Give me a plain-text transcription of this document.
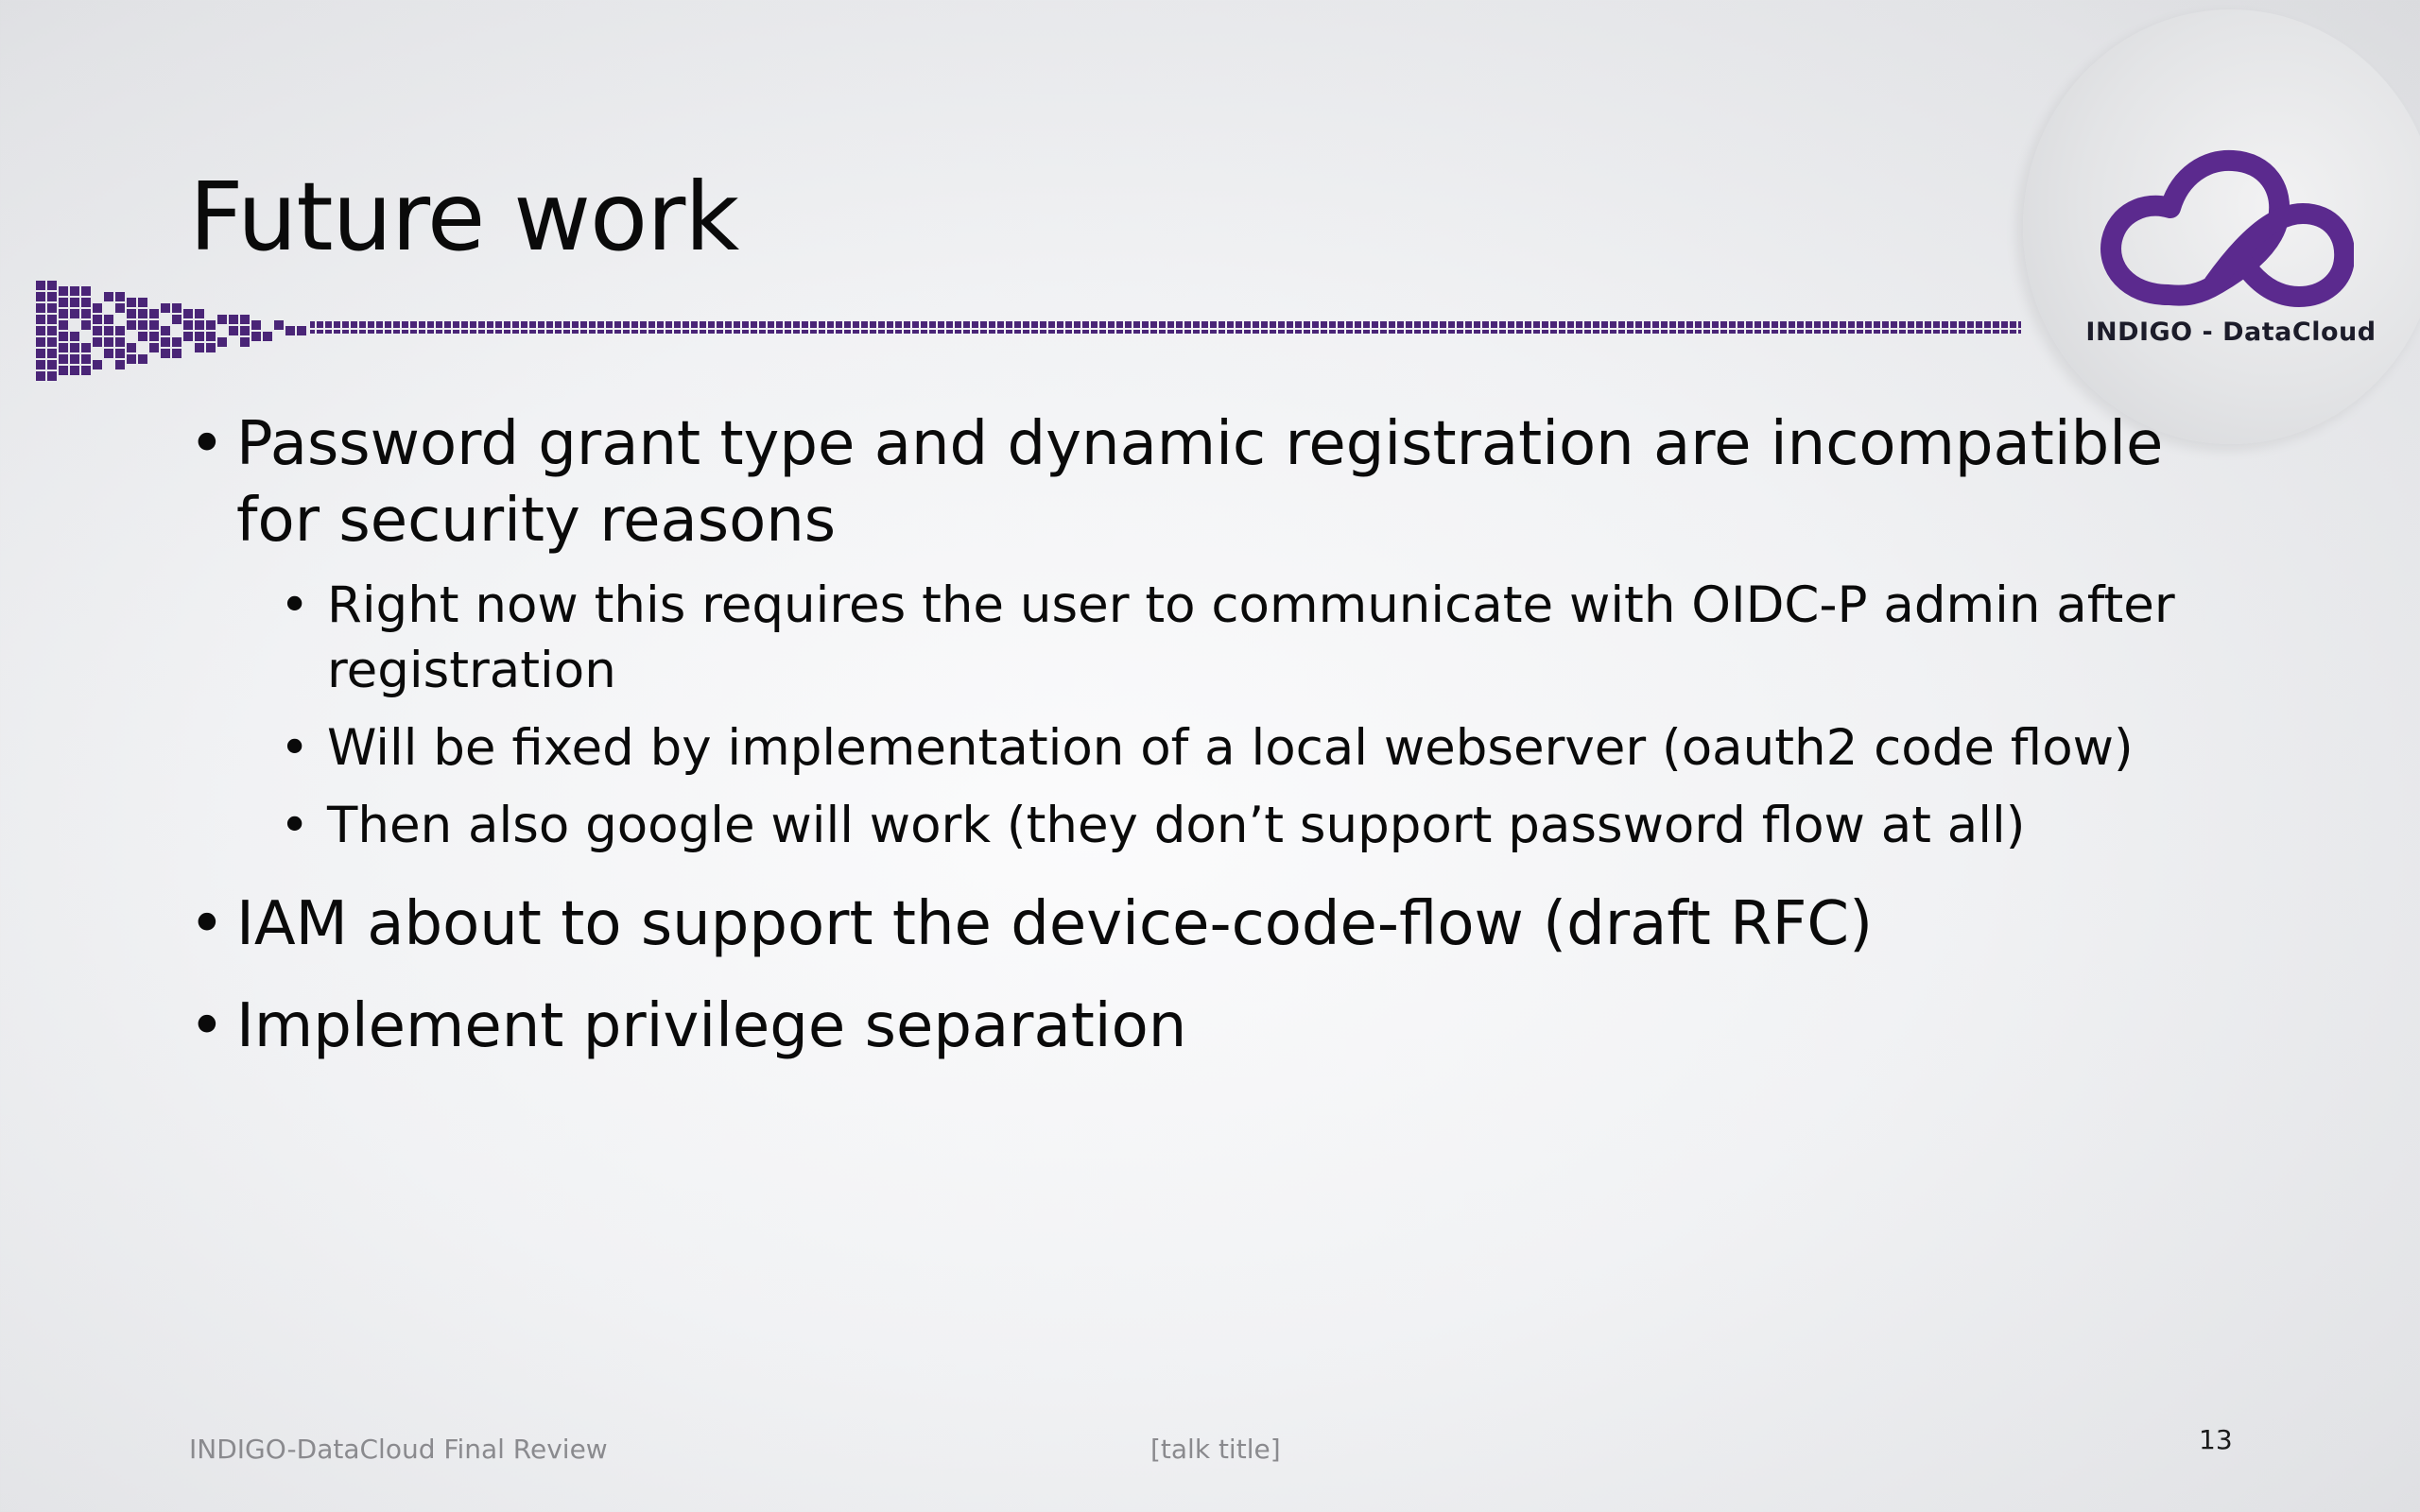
Future work
INDIGO - DataCloud
• Password grant type and dynamic registration are incompatible for security reasons
• Right now this requires the user to communicate with OIDC-P admin after registration
• Will be fixed by implementation of a local webserver (oauth2 code flow)
• Then also google will work (they don’t support password flow at all)
• IAM about to support the device-code-flow (draft RFC)
• Implement privilege separation
INDIGO-DataCloud Final Review	[talk title]	13
